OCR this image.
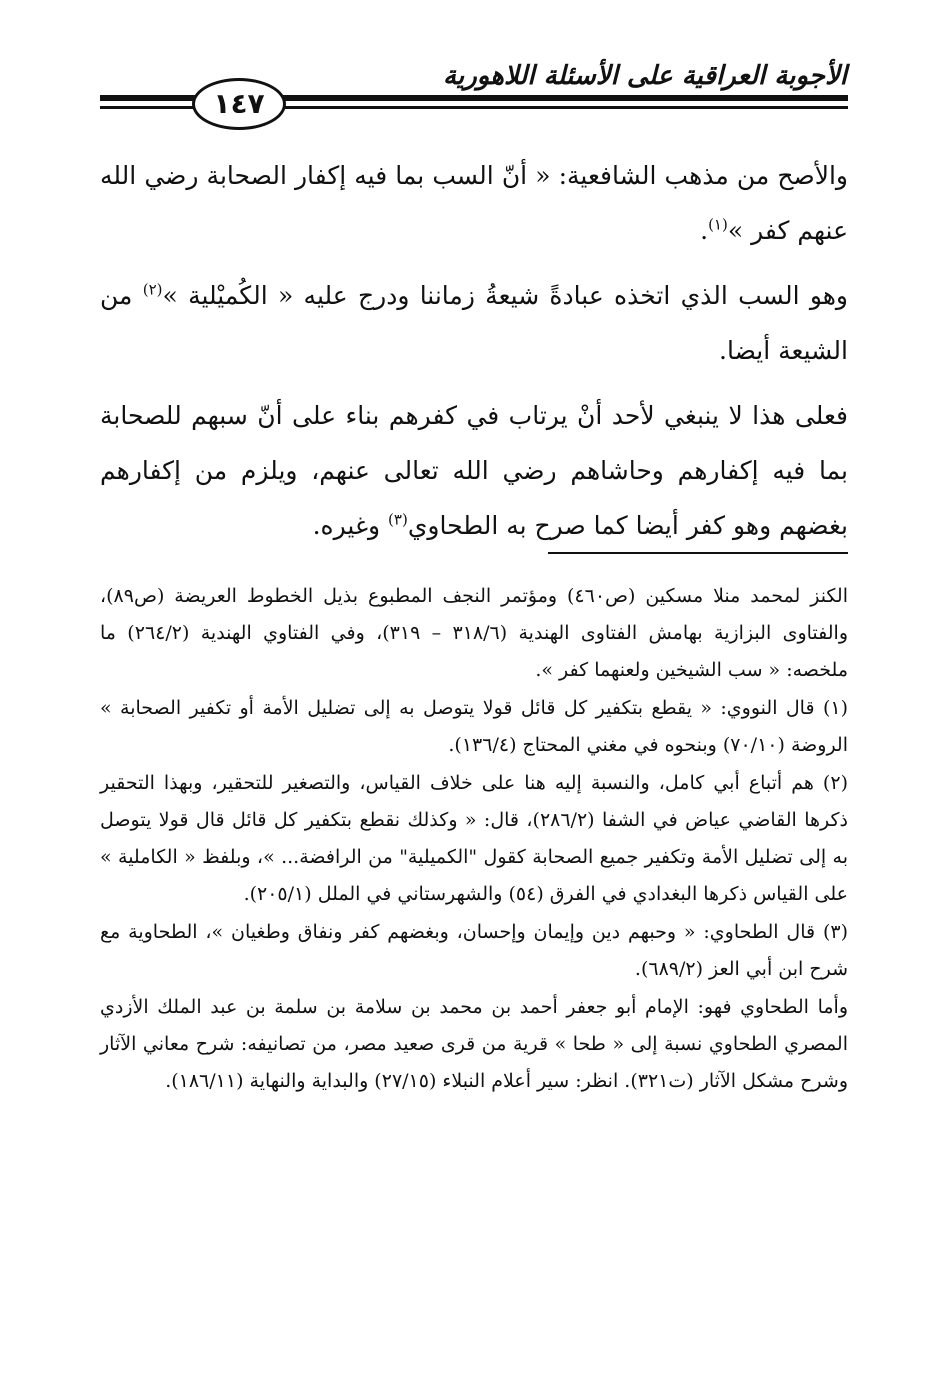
الأجوبة العراقية على الأسئلة اللاهورية
١٤٧

والأصح من مذهب الشافعية: « أنّ السب بما فيه إكفار الصحابة رضي الله عنهم كفر »$^{(١)}$.

وهو السب الذي اتخذه عبادةً شيعةُ زماننا ودرج عليه « الكُميْلية »$^{(٢)}$ من الشيعة أيضا.

فعلى هذا لا ينبغي لأحد أنْ يرتاب في كفرهم بناء على أنّ سبهم للصحابة بما فيه إكفارهم وحاشاهم رضي الله تعالى عنهم، ويلزم من إكفارهم بغضهم وهو كفر أيضا كما صرح به الطحاوي$^{(٣)}$ وغيره.

الكنز لمحمد منلا مسكين (ص٤٦٠) ومؤتمر النجف المطبوع بذيل الخطوط العريضة (ص٨٩)، والفتاوى البزازية بهامش الفتاوى الهندية (٣١٨/٦ – ٣١٩)، وفي الفتاوي الهندية (٢٦٤/٢) ما ملخصه: « سب الشيخين ولعنهما كفر ».

(١) قال النووي: « يقطع بتكفير كل قائل قولا يتوصل به إلى تضليل الأمة أو تكفير الصحابة » الروضة (٧٠/١٠) وبنحوه في مغني المحتاج (١٣٦/٤).

(٢) هم أتباع أبي كامل، والنسبة إليه هنا على خلاف القياس، والتصغير للتحقير، وبهذا التحقير ذكرها القاضي عياض في الشفا (٢٨٦/٢)، قال: « وكذلك نقطع بتكفير كل قائل قال قولا يتوصل به إلى تضليل الأمة وتكفير جميع الصحابة كقول "الكميلية" من الرافضة... »، وبلفظ « الكاملية » على القياس ذكرها البغدادي في الفرق (٥٤) والشهرستاني في الملل (٢٠٥/١).

(٣) قال الطحاوي: « وحبهم دين وإيمان وإحسان، وبغضهم كفر ونفاق وطغيان »، الطحاوية مع شرح ابن أبي العز (٦٨٩/٢).

وأما الطحاوي فهو: الإمام أبو جعفر أحمد بن محمد بن سلامة بن سلمة بن عبد الملك الأزدي المصري الطحاوي نسبة إلى « طحا » قرية من قرى صعيد مصر، من تصانيفه: شرح معاني الآثار وشرح مشكل الآثار (ت٣٢١). انظر: سير أعلام النبلاء (٢٧/١٥) والبداية والنهاية (١٨٦/١١).
